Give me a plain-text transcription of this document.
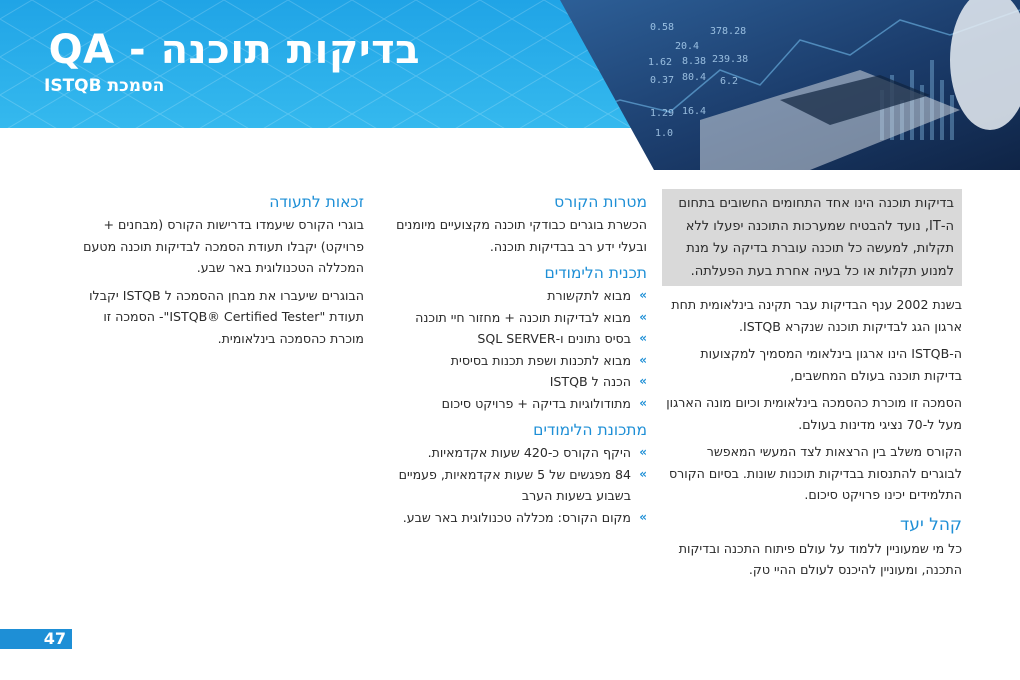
0.58
20.4
378.28
1.62 8.38 239.38
0.37 80.4 6.2
1.29 16.4
1.0
בדיקות תוכנה - QA
הסמכת ISTQB
בדיקות תוכנה הינו אחד התחומים החשובים בתחום ה-IT, נועד להבטיח שמערכות התוכנה יפעלו ללא תקלות, למעשה כל תוכנה עוברת בדיקה על מנת למנוע תקלות או כל בעיה אחרת בעת הפעלתה.

בשנת 2002 ענף הבדיקות עבר תקינה בינלאומית תחת ארגון הגג לבדיקות תוכנה שנקרא ISTQB.

ה-ISTQB הינו ארגון בינלאומי המסמיך למקצועות בדיקות תוכנה בעולם המחשבים,

הסמכה זו מוכרת כהסמכה בינלאומית וכיום מונה הארגון מעל ל-70 נציגי מדינות בעולם.

הקורס משלב בין הרצאות לצד המעשי המאפשר לבוגרים להתנסות בבדיקות תוכנות שונות. בסיום הקורס התלמידים יכינו פרויקט סיכום.

קהל יעד

כל מי שמעוניין ללמוד על עולם פיתוח התכנה ובדיקות התכנה, ומעוניין להיכנס לעולם ההיי טק.

מטרות הקורס
הכשרת בוגרים כבודקי תוכנה מקצועיים מיומנים ובעלי ידע רב בבדיקות תוכנה.
תכנית הלימודים
»
מבוא לתקשורת
»
מבוא לבדיקות תוכנה + מחזור חיי תוכנה
»
בסיס נתונים ו-SQL SERVER
»
מבוא לתכנות ושפת תכנות בסיסית
»
הכנה ל ISTQB
»
מתודולוגיות בדיקה + פרויקט סיכום
מתכונת הלימודים
»
היקף הקורס כ-420 שעות אקדמאיות.
»
84 מפגשים של 5 שעות אקדמאיות, פעמיים בשבוע בשעות הערב
»
מקום הקורס: מכללה טכנולוגית באר שבע.
זכאות לתעודה

בוגרי הקורס שיעמדו בדרישות הקורס (מבחנים + פרויקט) יקבלו תעודת הסמכה לבדיקות תוכנה מטעם המכללה הטכנולוגית באר שבע.

הבוגרים שיעברו את מבחן ההסמכה ל ISTQB יקבלו תעודת "ISTQB® Certified Tester"- הסמכה זו מוכרת כהסמכה בינלאומית.

47
